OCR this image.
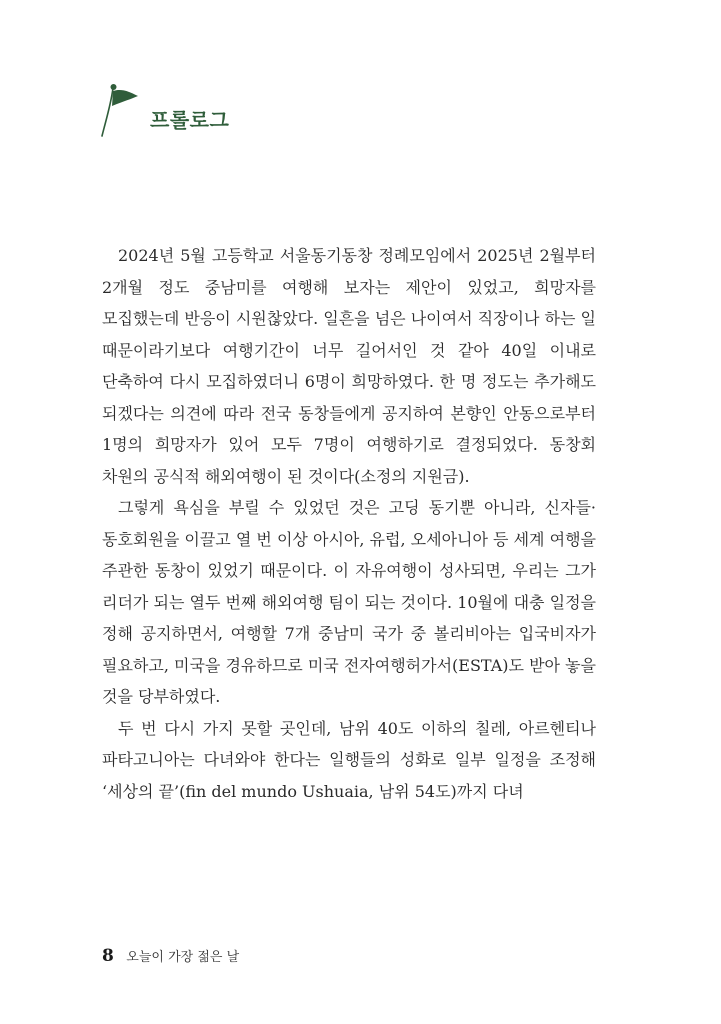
프롤로그

2024년 5월 고등학교 서울동기동창 정례모임에서 2025년 2월부터 2개월 정도 중남미를 여행해 보자는 제안이 있었고, 희망자를 모집했는데 반응이 시원찮았다. 일흔을 넘은 나이여서 직장이나 하는 일 때문이라기보다 여행기간이 너무 길어서인 것 같아 40일 이내로 단축하여 다시 모집하였더니 6명이 희망하였다. 한 명 정도는 추가해도 되겠다는 의견에 따라 전국 동창들에게 공지하여 본향인 안동으로부터 1명의 희망자가 있어 모두 7명이 여행하기로 결정되었다. 동창회 차원의 공식적 해외여행이 된 것이다(소정의 지원금).

그렇게 욕심을 부릴 수 있었던 것은 고딩 동기뿐 아니라, 신자들·동호회원을 이끌고 열 번 이상 아시아, 유럽, 오세아니아 등 세계 여행을 주관한 동창이 있었기 때문이다. 이 자유여행이 성사되면, 우리는 그가 리더가 되는 열두 번째 해외여행 팀이 되는 것이다. 10월에 대충 일정을 정해 공지하면서, 여행할 7개 중남미 국가 중 볼리비아는 입국비자가 필요하고, 미국을 경유하므로 미국 전자여행허가서(ESTA)도 받아 놓을 것을 당부하였다.

두 번 다시 가지 못할 곳인데, 남위 40도 이하의 칠레, 아르헨티나 파타고니아는 다녀와야 한다는 일행들의 성화로 일부 일정을 조정해 ‘세상의 끝’(fin del mundo Ushuaia, 남위 54도)까지 다녀

8 오늘이 가장 젊은 날
